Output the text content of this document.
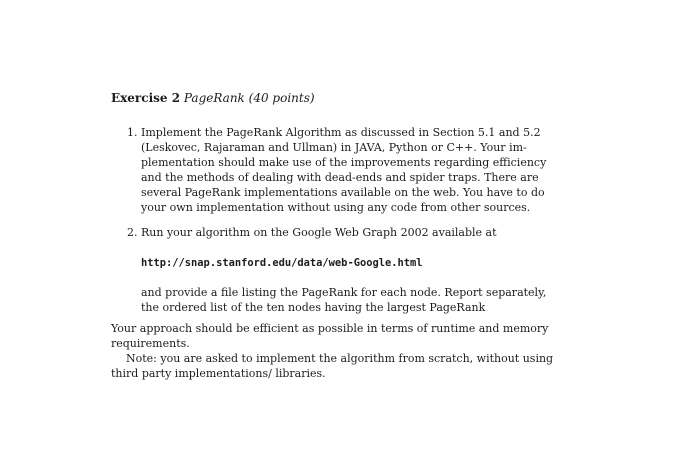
Exercise 2 PageRank (40 points)
1. Implement the PageRank Algorithm as discussed in Section 5.1 and 5.2
(Leskovec, Rajaraman and Ullman) in JAVA, Python or C++. Your im-
plementation should make use of the improvements regarding efficiency
and the methods of dealing with dead-ends and spider traps. There are
several PageRank implementations available on the web. You have to do
your own implementation without using any code from other sources.
2. Run your algorithm on the Google Web Graph 2002 available at
http://snap.stanford.edu/data/web-Google.html
and provide a file listing the PageRank for each node. Report separately,
the ordered list of the ten nodes having the largest PageRank
Your approach should be efficient as possible in terms of runtime and memory
requirements.
Note: you are asked to implement the algorithm from scratch, without using
third party implementations/ libraries.
